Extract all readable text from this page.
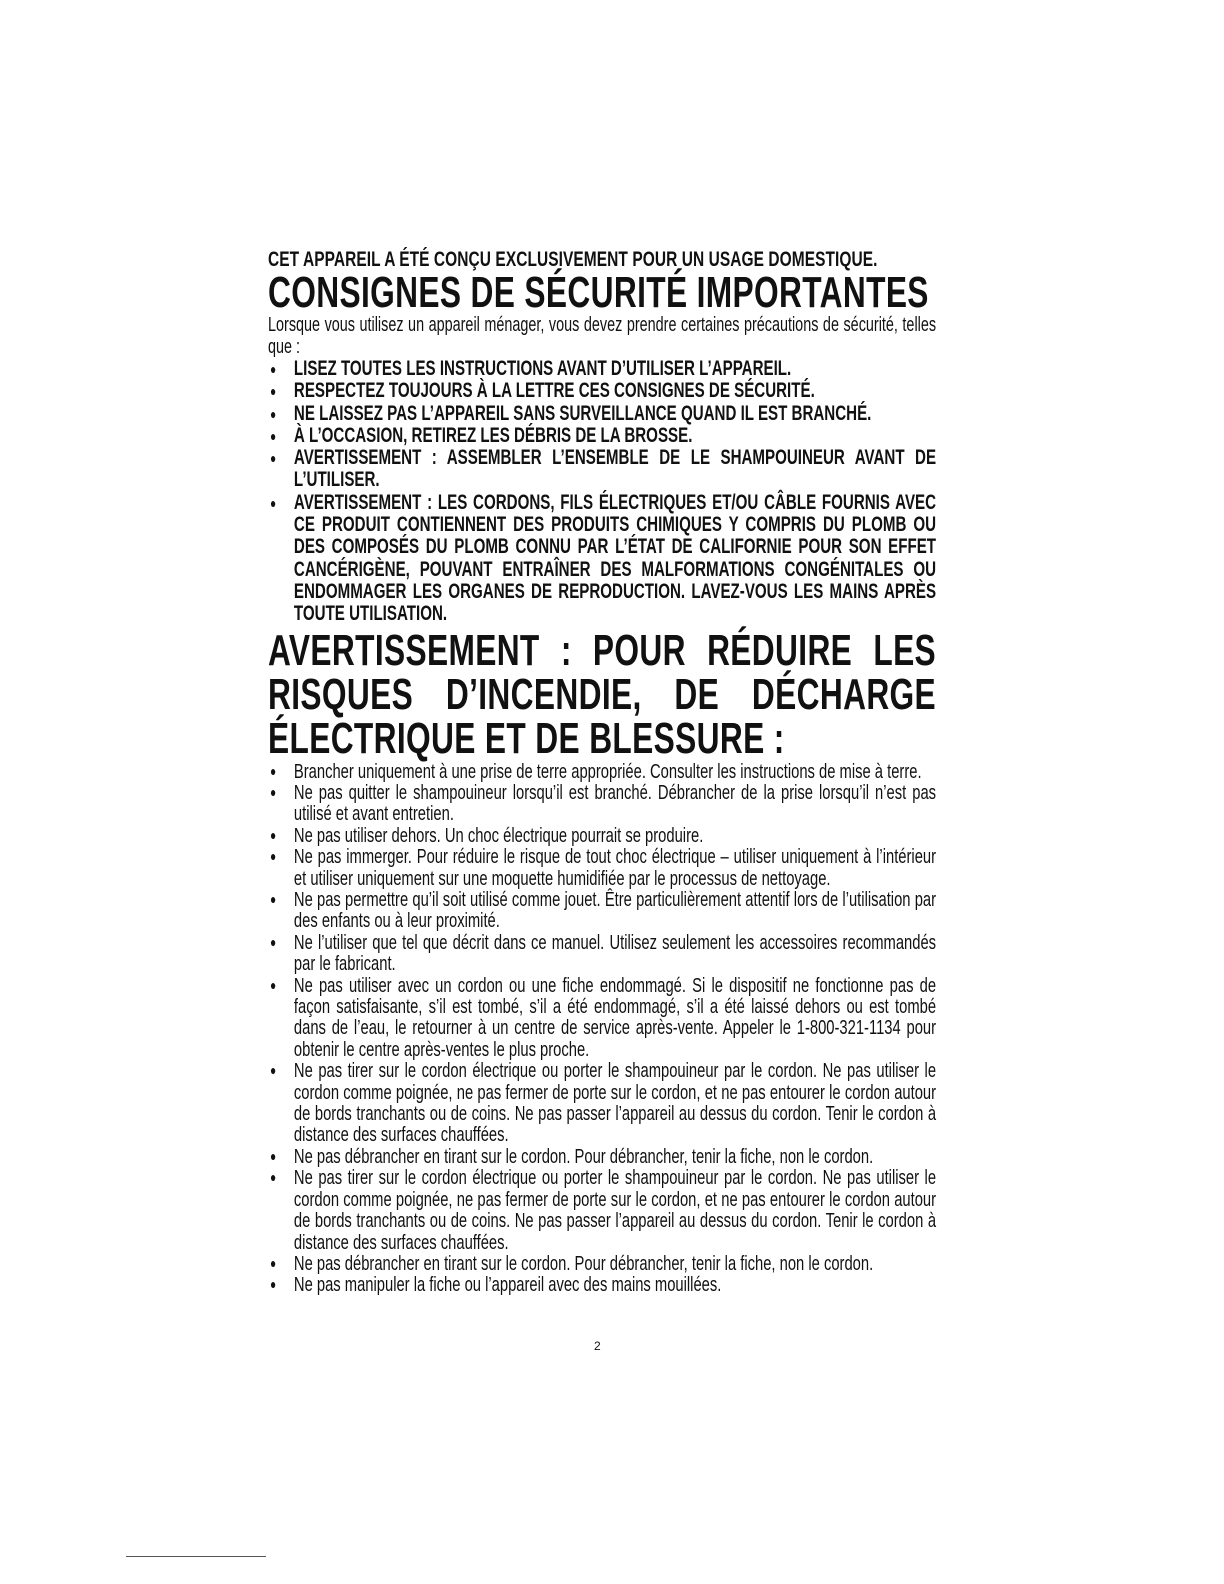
CET APPAREIL A ÉTÉ CONÇU EXCLUSIVEMENT POUR UN USAGE DOMESTIQUE.
CONSIGNES DE SÉCURITÉ IMPORTANTES
Lorsque vous utilisez un appareil ménager, vous devez prendre certaines précautions de sécurité, telles que :
● LISEZ TOUTES LES INSTRUCTIONS AVANT D’UTILISER L’APPAREIL.
● RESPECTEZ TOUJOURS À LA LETTRE CES CONSIGNES DE SÉCURITÉ.
● NE LAISSEZ PAS L’APPAREIL SANS SURVEILLANCE QUAND IL EST BRANCHÉ.
● À L’OCCASION, RETIREZ LES DÉBRIS DE LA BROSSE.
● AVERTISSEMENT : ASSEMBLER L’ENSEMBLE DE LE SHAMPOUINEUR AVANT DE L’UTILISER.
● AVERTISSEMENT : LES CORDONS, FILS ÉLECTRIQUES ET/OU CÂBLE FOURNIS AVEC CE PRODUIT CONTIENNENT DES PRODUITS CHIMIQUES Y COMPRIS DU PLOMB OU DES COMPOSÉS DU PLOMB CONNU PAR L’ÉTAT DE CALIFORNIE POUR SON EFFET CANCÉRIGÈNE, POUVANT ENTRAÎNER DES MALFORMATIONS CONGÉNITALES OU ENDOMMAGER LES ORGANES DE REPRODUCTION. LAVEZ-VOUS LES MAINS APRÈS TOUTE UTILISATION.
AVERTISSEMENT : POUR RÉDUIRE LES RISQUES D’INCENDIE, DE DÉCHARGE ÉLECTRIQUE ET DE BLESSURE :
● Brancher uniquement à une prise de terre appropriée. Consulter les instructions de mise à terre.
● Ne pas quitter le shampouineur lorsqu’il est branché. Débrancher de la prise lorsqu’il n’est pas utilisé et avant entretien.
● Ne pas utiliser dehors. Un choc électrique pourrait se produire.
● Ne pas immerger. Pour réduire le risque de tout choc électrique – utiliser uniquement à l’intérieur et utiliser uniquement sur une moquette humidifiée par le processus de nettoyage.
● Ne pas permettre qu’il soit utilisé comme jouet. Être particulièrement attentif lors de l’utilisation par des enfants ou à leur proximité.
● Ne l’utiliser que tel que décrit dans ce manuel. Utilisez seulement les accessoires recommandés par le fabricant.
● Ne pas utiliser avec un cordon ou une fiche endommagé. Si le dispositif ne fonctionne pas de façon satisfaisante, s’il est tombé, s’il a été endommagé, s’il a été laissé dehors ou est tombé dans de l’eau, le retourner à un centre de service après-vente. Appeler le 1-800-321-1134 pour obtenir le centre après-ventes le plus proche.
● Ne pas tirer sur le cordon électrique ou porter le shampouineur par le cordon. Ne pas utiliser le cordon comme poignée, ne pas fermer de porte sur le cordon, et ne pas entourer le cordon autour de bords tranchants ou de coins. Ne pas passer l’appareil au dessus du cordon. Tenir le cordon à distance des surfaces chauffées.
● Ne pas débrancher en tirant sur le cordon. Pour débrancher, tenir la fiche, non le cordon.
● Ne pas tirer sur le cordon électrique ou porter le shampouineur par le cordon. Ne pas utiliser le cordon comme poignée, ne pas fermer de porte sur le cordon, et ne pas entourer le cordon autour de bords tranchants ou de coins. Ne pas passer l’appareil au dessus du cordon. Tenir le cordon à distance des surfaces chauffées.
● Ne pas débrancher en tirant sur le cordon. Pour débrancher, tenir la fiche, non le cordon.
● Ne pas manipuler la fiche ou l’appareil avec des mains mouillées.
2
